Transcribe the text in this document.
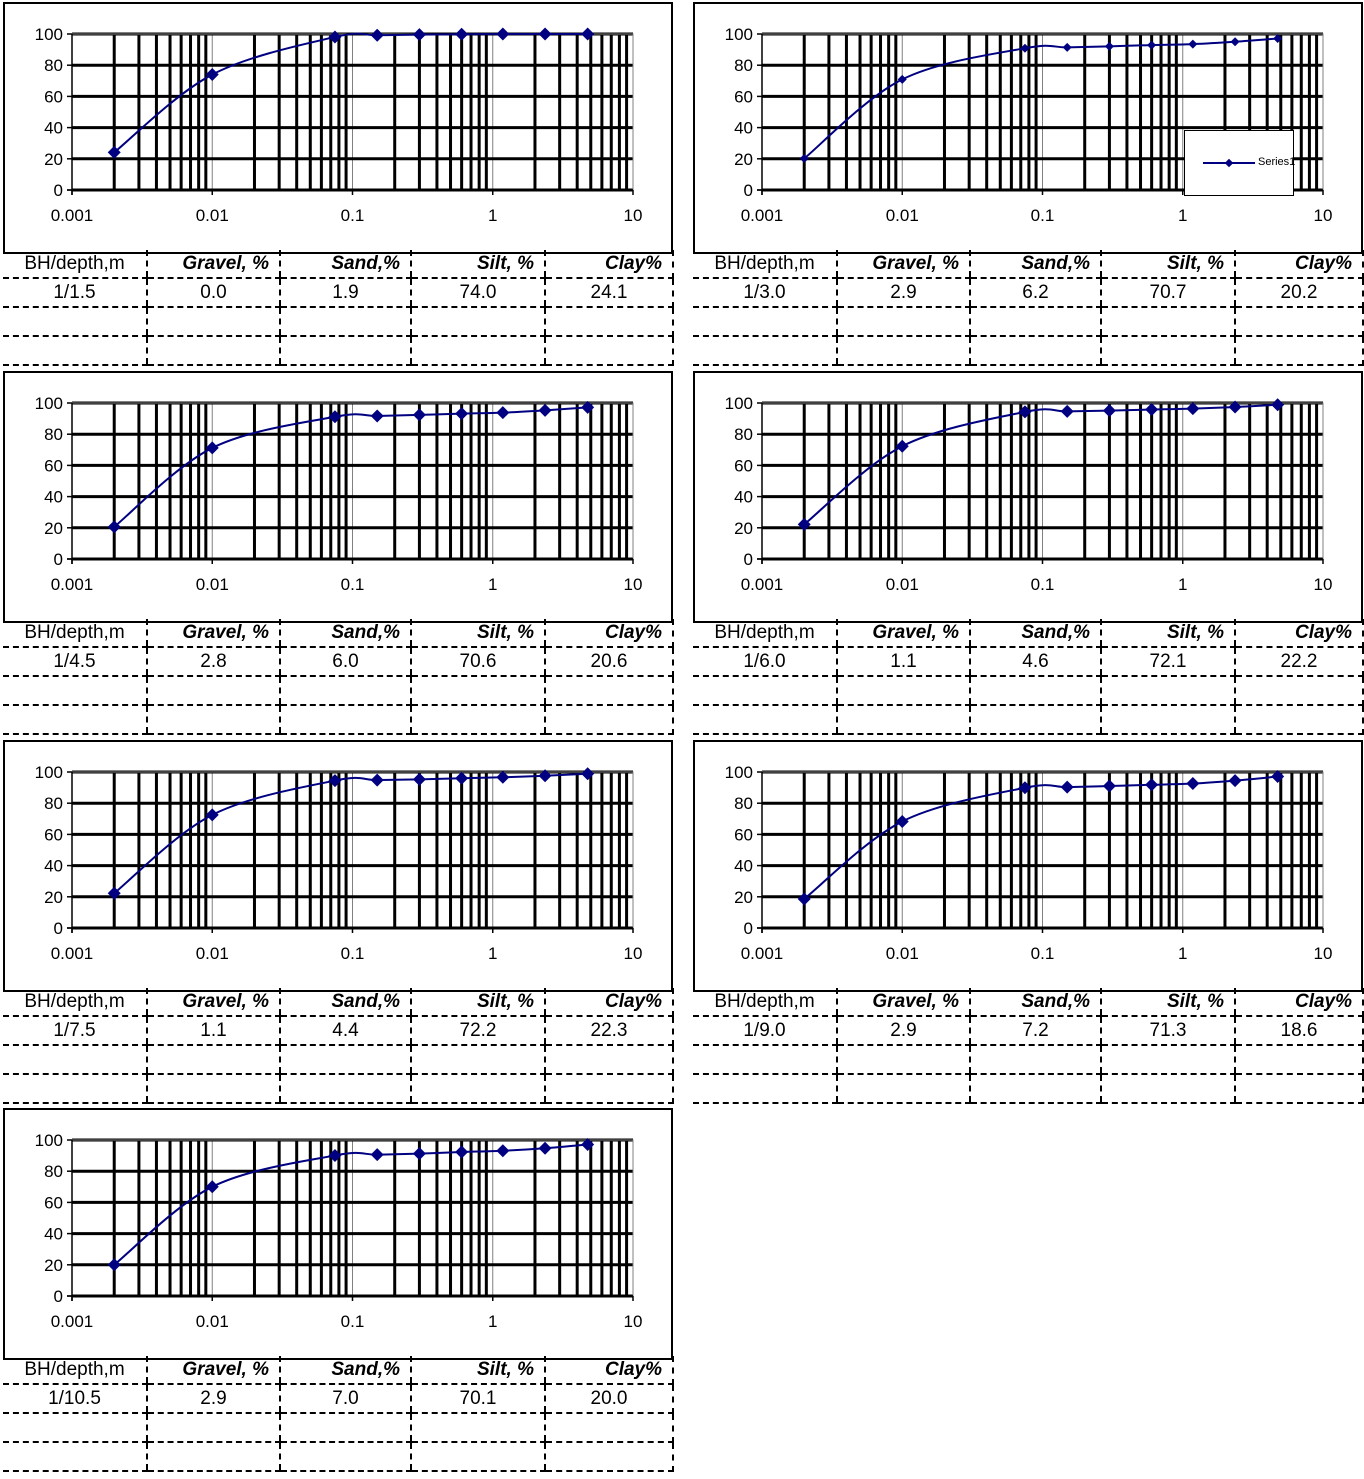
0
20
40
60
80
100
0.001	0.01	0.1	1	10
BH/depth,m	Gravel, %	Sand,%	Silt, %	Clay%
1/1.5	0.0	1.9	74.0	24.1

0
20
40
60
80
100
0.001	0.01	0.1	1	10
Series1
BH/depth,m	Gravel, %	Sand,%	Silt, %	Clay%
1/3.0	2.9	6.2	70.7	20.2

0
20
40
60
80
100
0.001	0.01	0.1	1	10
BH/depth,m	Gravel, %	Sand,%	Silt, %	Clay%
1/4.5	2.8	6.0	70.6	20.6

0
20
40
60
80
100
0.001	0.01	0.1	1	10
BH/depth,m	Gravel, %	Sand,%	Silt, %	Clay%
1/6.0	1.1	4.6	72.1	22.2

0
20
40
60
80
100
0.001	0.01	0.1	1	10
BH/depth,m	Gravel, %	Sand,%	Silt, %	Clay%
1/7.5	1.1	4.4	72.2	22.3

0
20
40
60
80
100
0.001	0.01	0.1	1	10
BH/depth,m	Gravel, %	Sand,%	Silt, %	Clay%
1/9.0	2.9	7.2	71.3	18.6

0
20
40
60
80
100
0.001	0.01	0.1	1	10
BH/depth,m	Gravel, %	Sand,%	Silt, %	Clay%
1/10.5	2.9	7.0	70.1	20.0
